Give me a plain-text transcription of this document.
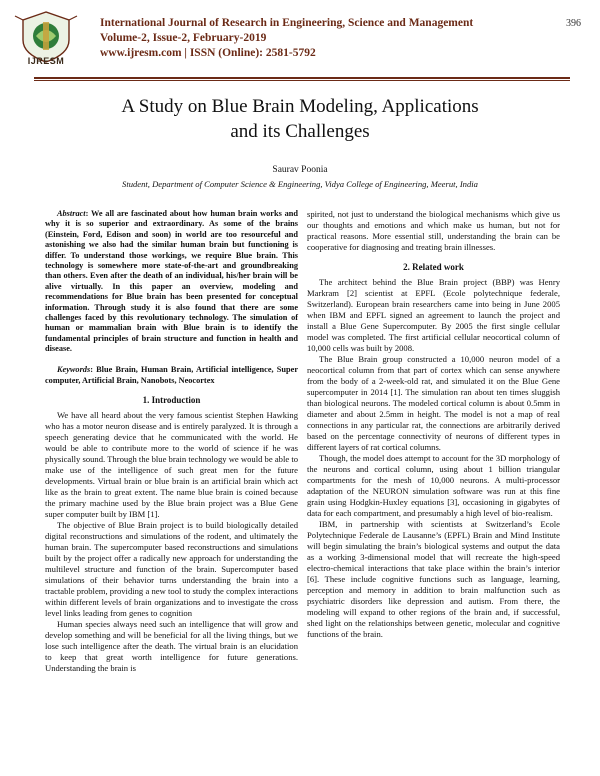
IJRESM
International Journal of Research in Engineering, Science and Management
Volume-2, Issue-2, February-2019
www.ijresm.com | ISSN (Online): 2581-5792
396
A Study on Blue Brain Modeling, Applications
and its Challenges
Saurav Poonia
Student, Department of Computer Science & Engineering, Vidya College of Engineering, Meerut, India

Abstract: We all are fascinated about how human brain works and why it is so superior and extraordinary. As some of the brains (Einstein, Ford, Edison and soon) in world are too resourceful and astonishing we also had the similar human brain but functioning is differ. To understand those workings, we require Blue brain. This technology is somewhere more state-of-the-art and groundbreaking than others. Even after the death of an individual, his/her brain will be alive virtually. In this paper an overview, modeling and recommendations for Blue brain has been presented for conceptual information. Through study it is also found that there are some challenges faced by this revolutionary technology. The simulation of human or mammalian brain with Blue brain is to identify the fundamental principles of brain structure and function in health and disease.

Keywords: Blue Brain, Human Brain, Artificial intelligence, Super computer, Artificial Brain, Nanobots, Neocortex

1. Introduction

We have all heard about the very famous scientist Stephen Hawking who has a motor neuron disease and is entirely paralyzed. It is through a speech generating device that he communicated with the world. He would be able to contribute more to the world of science if he was physically sound. Through the blue brain technology we would be able to make use of the intelligence of such great men for the future developments. Virtual brain or blue brain is an artificial brain which act like as the brain to great extent. The name blue brain is coined because the primary machine used by the Blue brain project was a Blue Gene super computer built by IBM [1].

The objective of Blue Brain project is to build biologically detailed digital reconstructions and simulations of the rodent, and ultimately the human brain. The supercomputer based reconstructions and simulations built by the project offer a radically new approach for understanding the multilevel structure and function of the brain. Supercomputer based simulations of their behavior turns understanding the brain into a tractable problem, providing a new tool to study the complex interactions within different levels of brain organizations and to investigate the cross level links leading from genes to cognition

Human species always need such an intelligence that will grow and develop something and will be beneficial for all the living things, but we lose such intelligence after the death. The virtual brain is an elucidation to keep that great worth intelligence for future generations. Understanding the brain is

spirited, not just to understand the biological mechanisms which give us our thoughts and emotions and which make us human, but not for practical reasons. More essential still, understanding the brain can be cooperative for diagnosing and treating brain illnesses.

2. Related work

The architect behind the Blue Brain project (BBP) was Henry Markram [2] scientist at EPFL (Ecole polytechnique federale, Switzerland). European brain researchers came into being in June 2005 when IBM and EPFL signed an agreement to launch the project and install a Blue Gene Supercomputer. By 2005 the first single cellular model was completed. The first artificial cellular neocortical column of 10,000 cells was built by 2008.

The Blue Brain group constructed a 10,000 neuron model of a neocortical column from that part of cortex which can sense anywhere from the body of a 2-week-old rat, and simulated it on the Blue Gene supercomputer in 2014 [1]. The simulation ran about ten times sluggish than biological neurons. The modeled cortical column is about 0.5mm in diameter and about 2.5mm in height. The model is not a map of real connections in any particular rat, the connections are arbitrarily derived based on the percentage connectivity of neurons of different types in different layers of rat cortical columns.

Though, the model does attempt to account for the 3D morphology of the neurons and cortical column, using about 1 billion triangular compartments for the mesh of 10,000 neurons. A multi-processor adaptation of the NEURON simulation software was run at this fine grain using Hodgkin-Huxley equations [3], occasioning in gigabytes of data for each compartment, and presumably a high level of bio-realism.

IBM, in partnership with scientists at Switzerland’s Ecole Polytechnique Federale de Lausanne’s (EPFL) Brain and Mind Institute will begin simulating the brain’s biological systems and output the data as a working 3-dimensional model that will recreate the high-speed electro-chemical interactions that take place within the brain’s interior [6]. These include cognitive functions such as language, learning, perception and memory in addition to brain malfunction such as psychiatric disorders like depression and autism. From there, the modeling will expand to other regions of the brain and, if successful, shed light on the relationships between genetic, molecular and cognitive functions of the brain.
